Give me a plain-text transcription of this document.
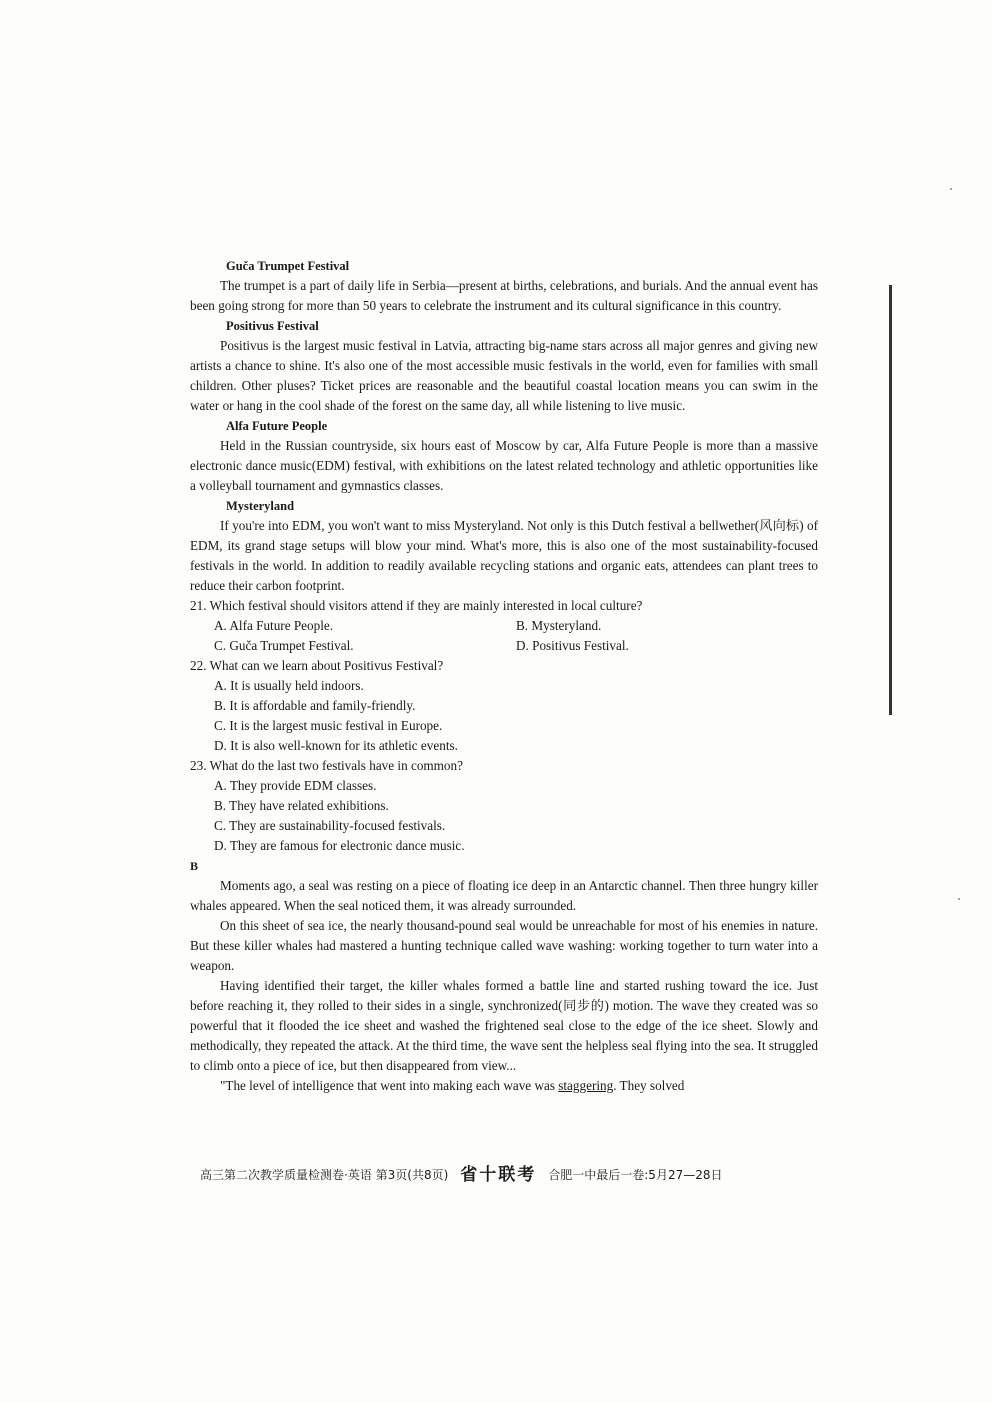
Guča Trumpet Festival

The trumpet is a part of daily life in Serbia—present at births, celebrations, and burials. And the annual event has been going strong for more than 50 years to celebrate the instrument and its cultural significance in this country.

Positivus Festival

Positivus is the largest music festival in Latvia, attracting big-name stars across all major genres and giving new artists a chance to shine. It's also one of the most accessible music festivals in the world, even for families with small children. Other pluses? Ticket prices are reasonable and the beautiful coastal location means you can swim in the water or hang in the cool shade of the forest on the same day, all while listening to live music.

Alfa Future People

Held in the Russian countryside, six hours east of Moscow by car, Alfa Future People is more than a massive electronic dance music(EDM) festival, with exhibitions on the latest related technology and athletic opportunities like a volleyball tournament and gymnastics classes.

Mysteryland

If you're into EDM, you won't want to miss Mysteryland. Not only is this Dutch festival a bellwether(风向标) of EDM, its grand stage setups will blow your mind. What's more, this is also one of the most sustainability-focused festivals in the world. In addition to readily available recycling stations and organic eats, attendees can plant trees to reduce their carbon footprint.

21. Which festival should visitors attend if they are mainly interested in local culture?

A. Alfa Future People.	B. Mysteryland.
C. Guča Trumpet Festival.	D. Positivus Festival.

22. What can we learn about Positivus Festival?

A. It is usually held indoors.

B. It is affordable and family-friendly.

C. It is the largest music festival in Europe.

D. It is also well-known for its athletic events.

23. What do the last two festivals have in common?

A. They provide EDM classes.

B. They have related exhibitions.

C. They are sustainability-focused festivals.

D. They are famous for electronic dance music.

B

Moments ago, a seal was resting on a piece of floating ice deep in an Antarctic channel. Then three hungry killer whales appeared. When the seal noticed them, it was already surrounded.

On this sheet of sea ice, the nearly thousand-pound seal would be unreachable for most of his enemies in nature. But these killer whales had mastered a hunting technique called wave washing: working together to turn water into a weapon.

Having identified their target, the killer whales formed a battle line and started rushing toward the ice. Just before reaching it, they rolled to their sides in a single, synchronized(同步的) motion. The wave they created was so powerful that it flooded the ice sheet and washed the frightened seal close to the edge of the ice sheet. Slowly and methodically, they repeated the attack. At the third time, the wave sent the helpless seal flying into the sea. It struggled to climb onto a piece of ice, but then disappeared from view...

"The level of intelligence that went into making each wave was staggering. They solved

高三第二次教学质量检测卷·英语 第3页(共8页) 省十联考 合肥一中最后一卷:5月27—28日
